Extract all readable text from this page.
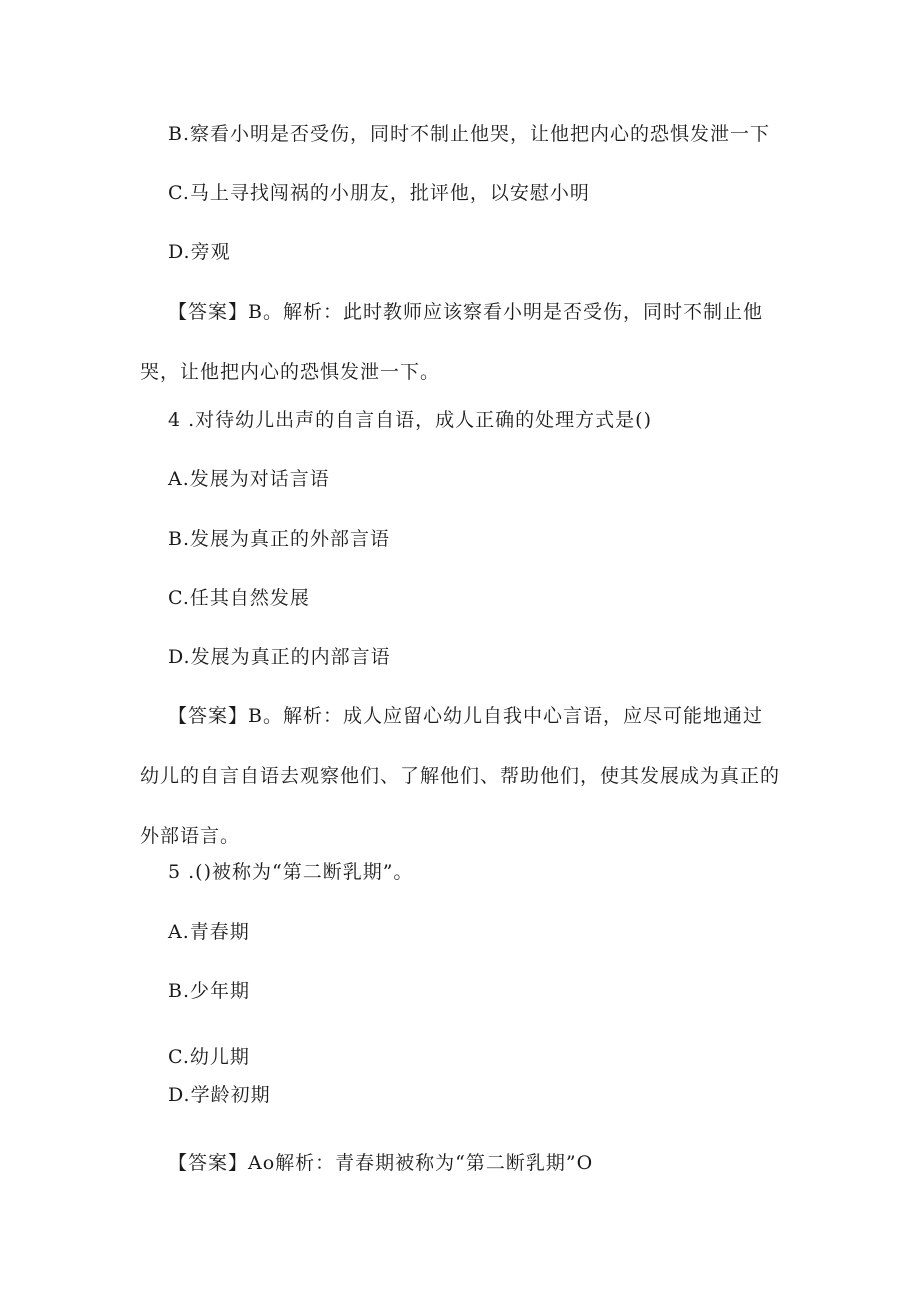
B.察看小明是否受伤，同时不制止他哭，让他把内心的恐惧发泄一下
C.马上寻找闯祸的小朋友，批评他，以安慰小明
D.旁观

【答案】B。解析：此时教师应该察看小明是否受伤，同时不制止他哭，让他把内心的恐惧发泄一下。

4 .对待幼儿出声的自言自语，成人正确的处理方式是()
A.发展为对话言语
B.发展为真正的外部言语
C.任其自然发展
D.发展为真正的内部言语

【答案】B。解析：成人应留心幼儿自我中心言语，应尽可能地通过幼儿的自言自语去观察他们、了解他们、帮助他们，使其发展成为真正的外部语言。

5 .()被称为“第二断乳期”。
A.青春期
B.少年期
C.幼儿期
D.学龄初期

【答案】Ao解析：青春期被称为“第二断乳期”O
